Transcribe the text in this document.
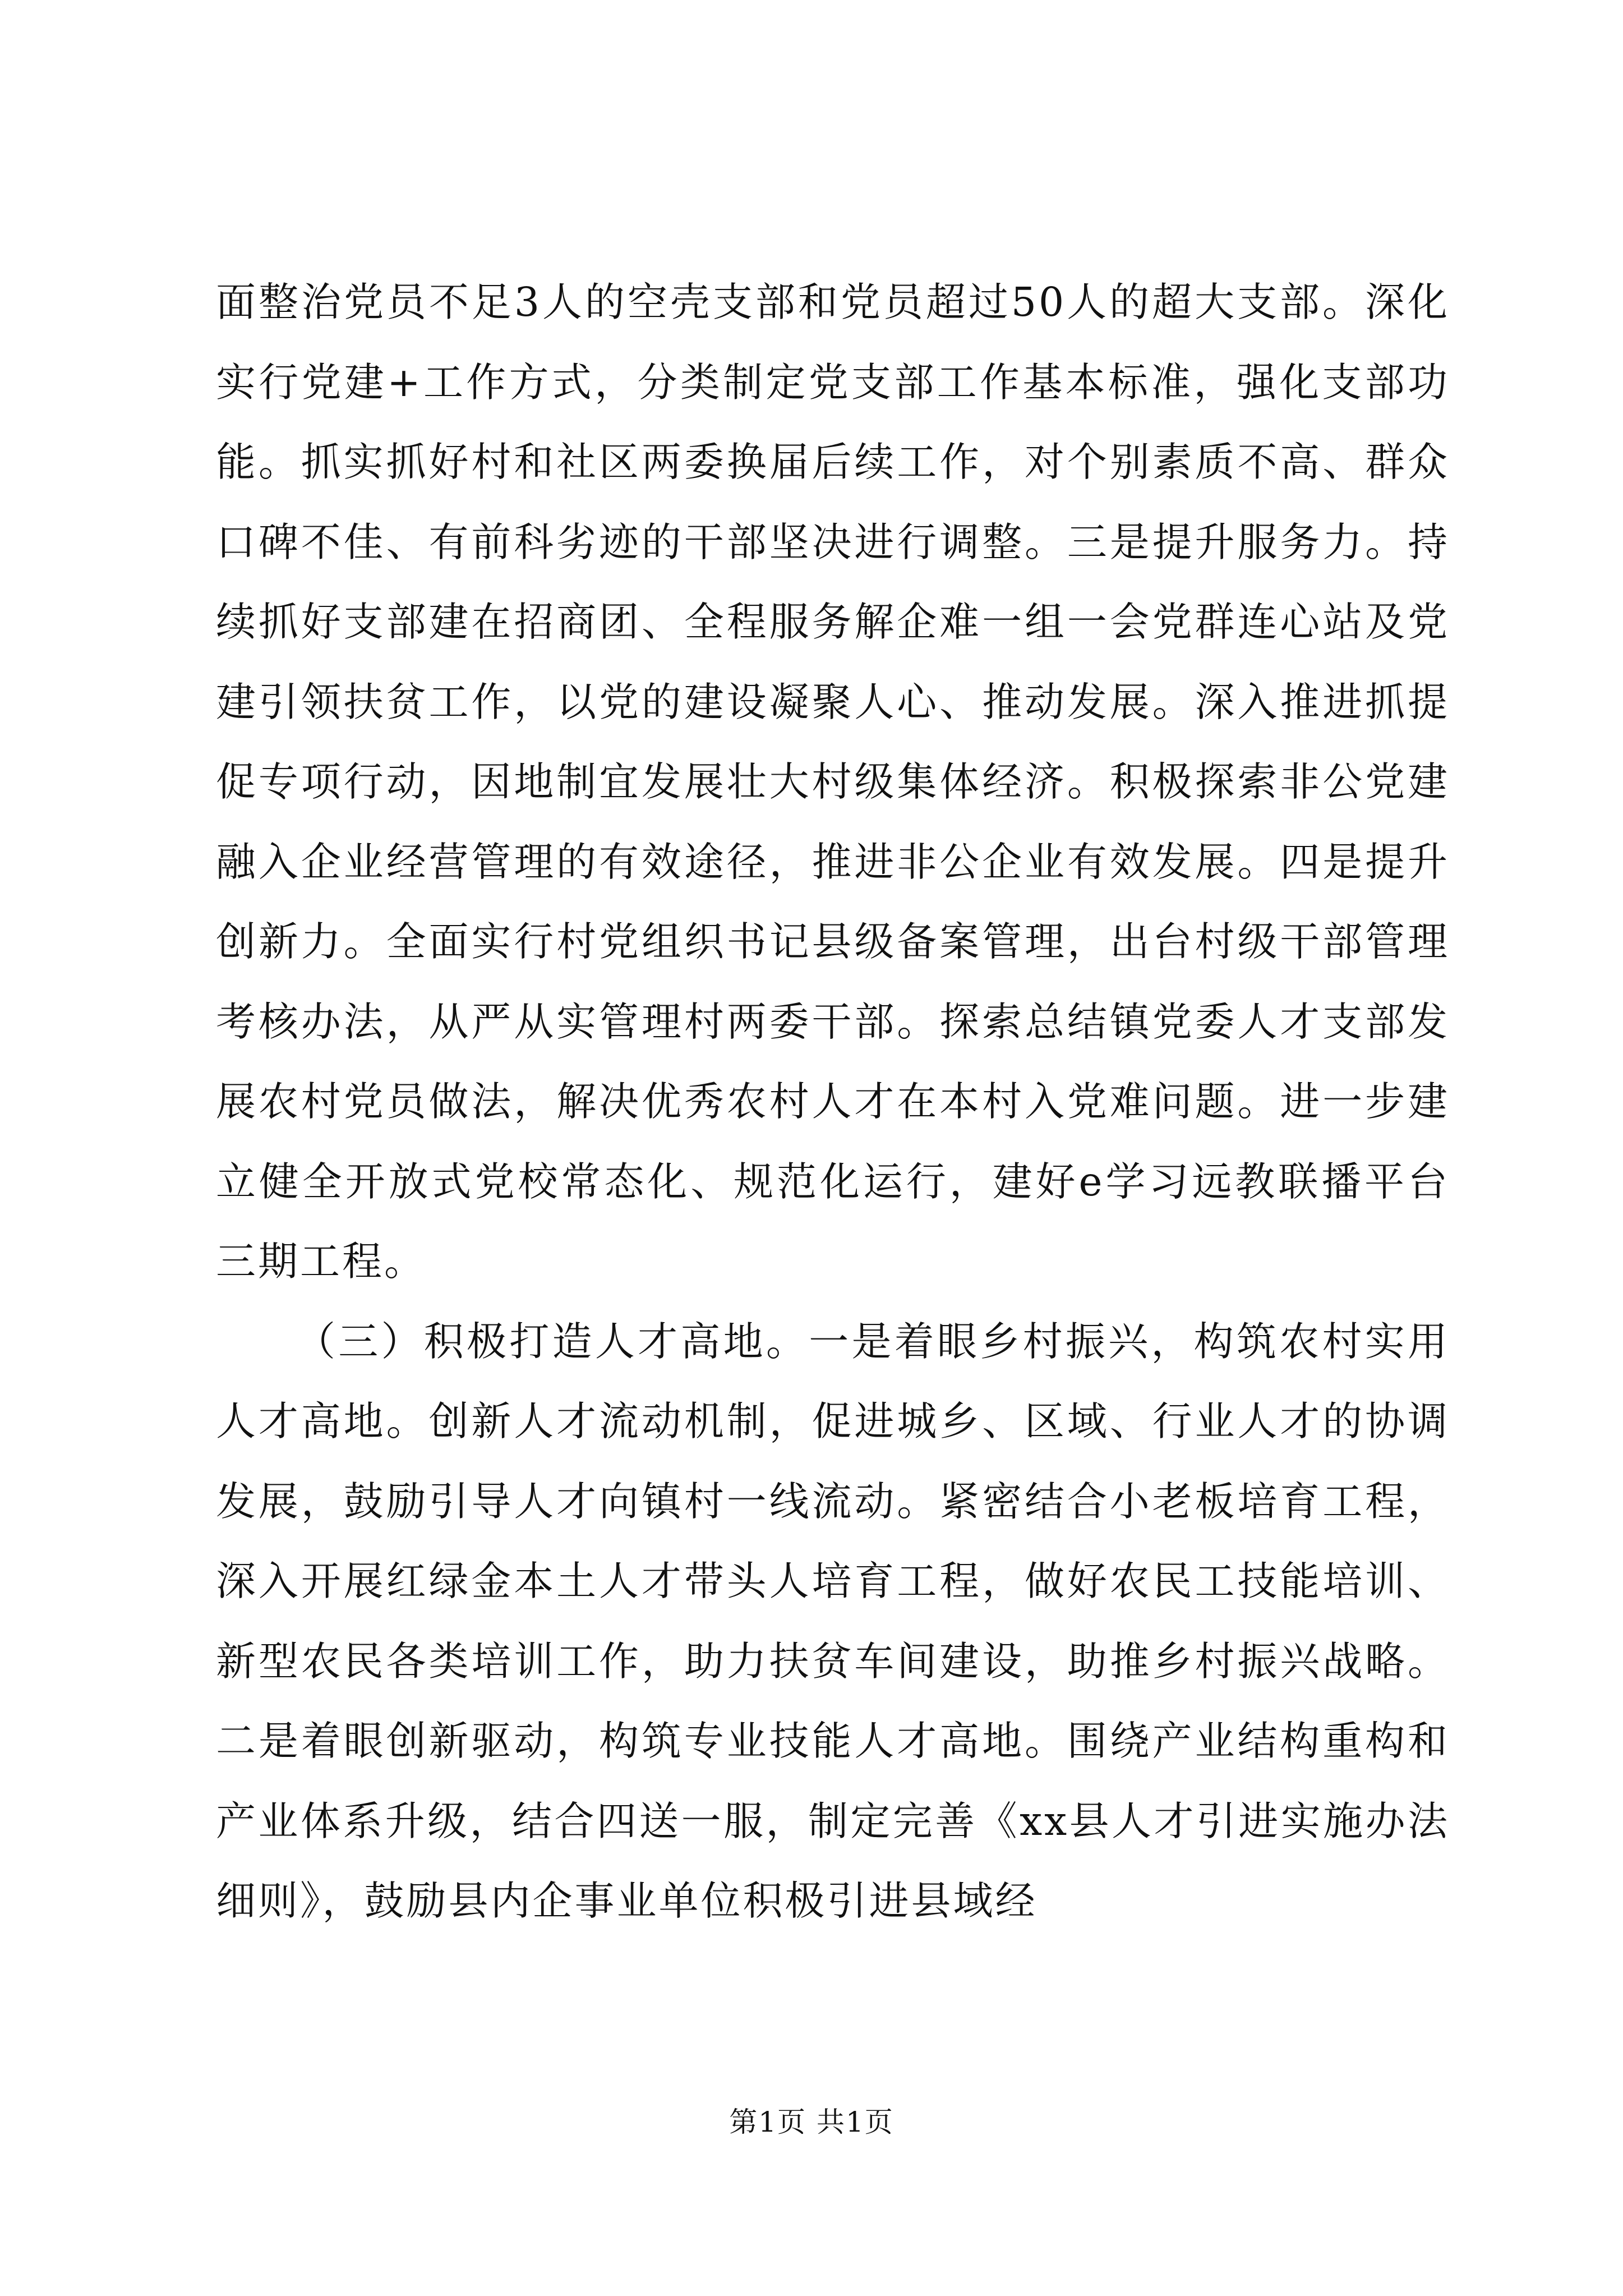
面整治党员不足3人的空壳支部和党员超过50人的超大支部。深化实行党建+工作方式，分类制定党支部工作基本标准，强化支部功能。抓实抓好村和社区两委换届后续工作，对个别素质不高、群众口碑不佳、有前科劣迹的干部坚决进行调整。三是提升服务力。持续抓好支部建在招商团、全程服务解企难一组一会党群连心站及党建引领扶贫工作，以党的建设凝聚人心、推动发展。深入推进抓提促专项行动，因地制宜发展壮大村级集体经济。积极探索非公党建融入企业经营管理的有效途径，推进非公企业有效发展。四是提升创新力。全面实行村党组织书记县级备案管理，出台村级干部管理考核办法，从严从实管理村两委干部。探索总结镇党委人才支部发展农村党员做法，解决优秀农村人才在本村入党难问题。进一步建立健全开放式党校常态化、规范化运行，建好e学习远教联播平台三期工程。

（三）积极打造人才高地。一是着眼乡村振兴，构筑农村实用人才高地。创新人才流动机制，促进城乡、区域、行业人才的协调发展，鼓励引导人才向镇村一线流动。紧密结合小老板培育工程，深入开展红绿金本土人才带头人培育工程，做好农民工技能培训、新型农民各类培训工作，助力扶贫车间建设，助推乡村振兴战略。二是着眼创新驱动，构筑专业技能人才高地。围绕产业结构重构和产业体系升级，结合四送一服，制定完善《xx县人才引进实施办法细则》，鼓励县内企事业单位积极引进县域经

第1页 共1页
